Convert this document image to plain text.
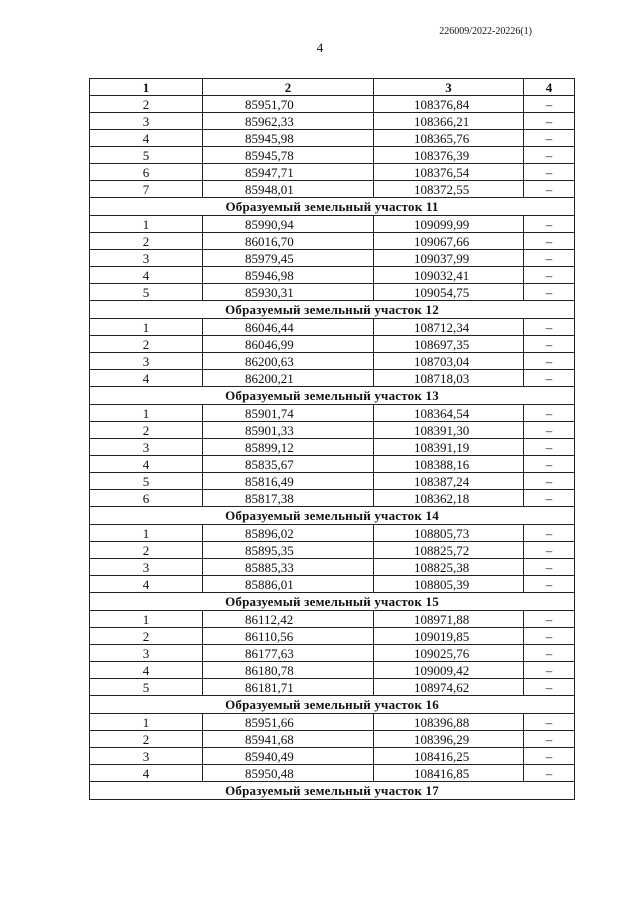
226009/2022-20226(1)
4
1	2	3	4
2	85951,70	108376,84	–
3	85962,33	108366,21	–
4	85945,98	108365,76	–
5	85945,78	108376,39	–
6	85947,71	108376,54	–
7	85948,01	108372,55	–
Образуемый земельный участок 11			
1	85990,94	109099,99	–
2	86016,70	109067,66	–
3	85979,45	109037,99	–
4	85946,98	109032,41	–
5	85930,31	109054,75	–
Образуемый земельный участок 12			
1	86046,44	108712,34	–
2	86046,99	108697,35	–
3	86200,63	108703,04	–
4	86200,21	108718,03	–
Образуемый земельный участок 13			
1	85901,74	108364,54	–
2	85901,33	108391,30	–
3	85899,12	108391,19	–
4	85835,67	108388,16	–
5	85816,49	108387,24	–
6	85817,38	108362,18	–
Образуемый земельный участок 14			
1	85896,02	108805,73	–
2	85895,35	108825,72	–
3	85885,33	108825,38	–
4	85886,01	108805,39	–
Образуемый земельный участок 15			
1	86112,42	108971,88	–
2	86110,56	109019,85	–
3	86177,63	109025,76	–
4	86180,78	109009,42	–
5	86181,71	108974,62	–
Образуемый земельный участок 16			
1	85951,66	108396,88	–
2	85941,68	108396,29	–
3	85940,49	108416,25	–
4	85950,48	108416,85	–
Образуемый земельный участок 17			
